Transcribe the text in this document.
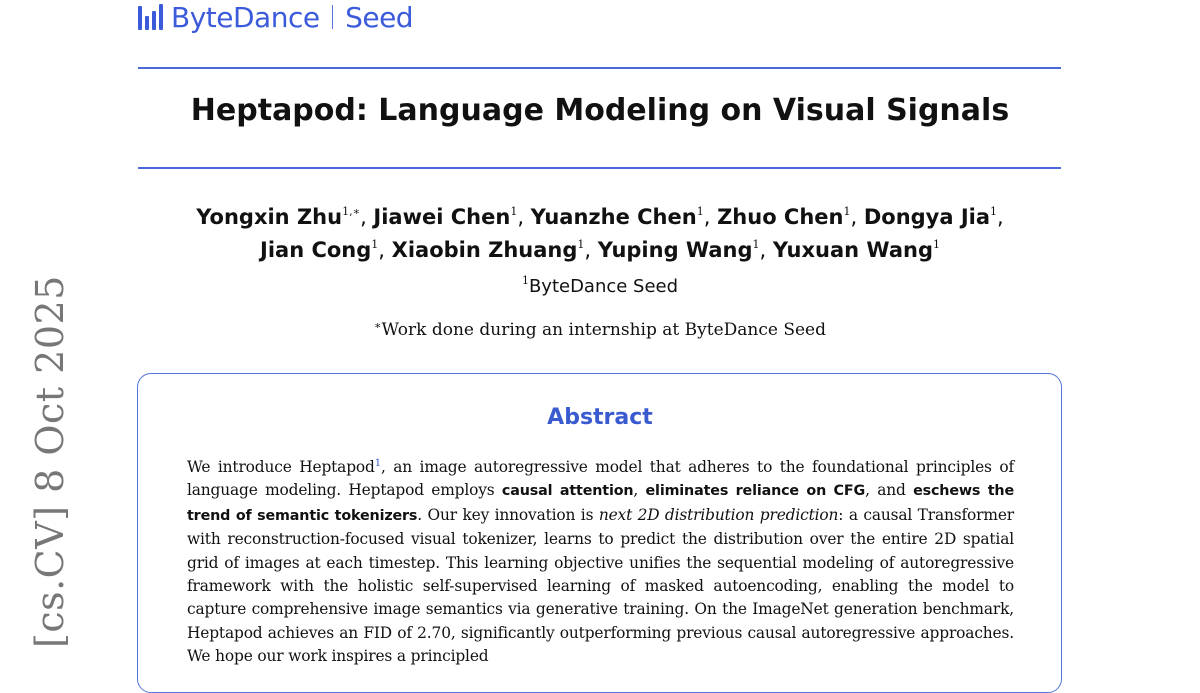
ByteDance Seed
Heptapod: Language Modeling on Visual Signals
Yongxin Zhu$^{1,∗}$, Jiawei Chen$^1$, Yuanzhe Chen$^1$, Zhuo Chen$^1$, Dongya Jia$^1$,
Jian Cong$^1$, Xiaobin Zhuang$^1$, Yuping Wang$^1$, Yuxuan Wang$^1$
$^1$ByteDance Seed
∗Work done during an internship at ByteDance Seed
Abstract
We introduce Heptapod$^1$, an image autoregressive model that adheres to the foundational principles of language modeling. Heptapod employs causal attention, eliminates reliance on CFG, and eschews the trend of semantic tokenizers. Our key innovation is next 2D distribution prediction: a causal Transformer with reconstruction-focused visual tokenizer, learns to predict the distribution over the entire 2D spatial grid of images at each timestep. This learning objective unifies the sequential modeling of autoregressive framework with the holistic self-supervised learning of masked autoencoding, enabling the model to capture comprehensive image semantics via generative training. On the ImageNet generation benchmark, Heptapod achieves an FID of 2.70, significantly outperforming previous causal autoregressive approaches. We hope our work inspires a principled
[cs.CV] 8 Oct 2025
